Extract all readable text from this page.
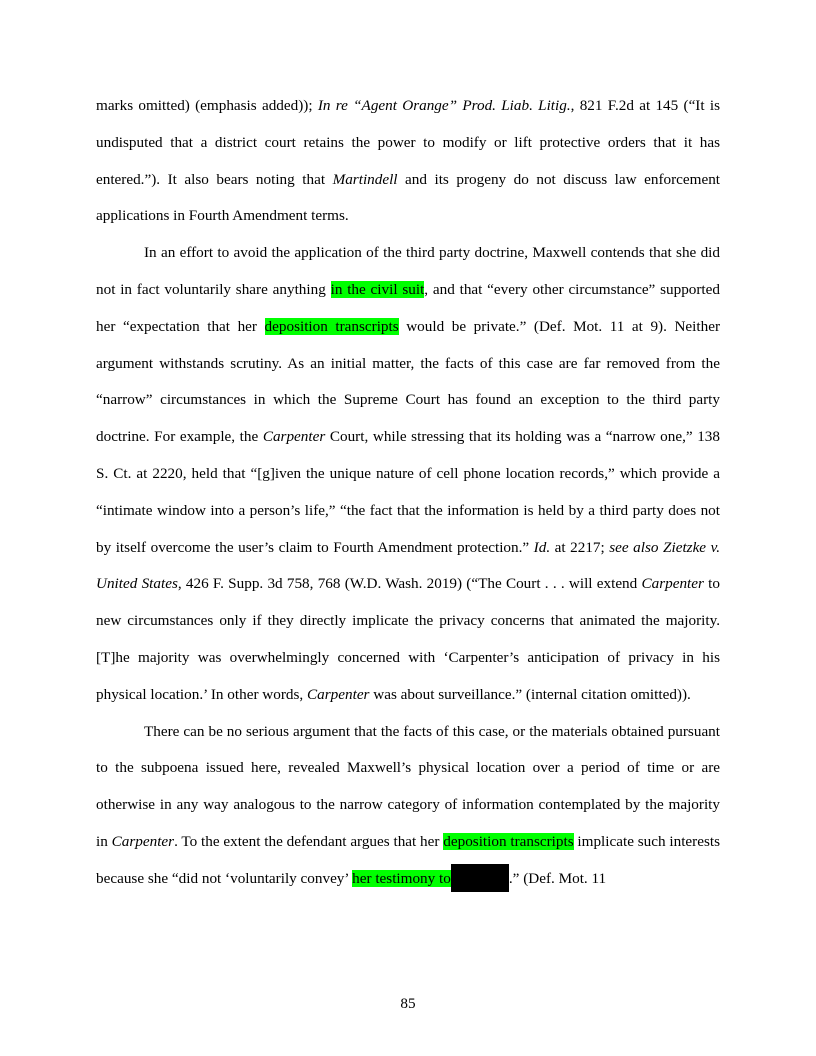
marks omitted) (emphasis added)); In re “Agent Orange” Prod. Liab. Litig., 821 F.2d at 145 (“It is undisputed that a district court retains the power to modify or lift protective orders that it has entered.”). It also bears noting that Martindell and its progeny do not discuss law enforcement applications in Fourth Amendment terms.

In an effort to avoid the application of the third party doctrine, Maxwell contends that she did not in fact voluntarily share anything in the civil suit, and that “every other circumstance” supported her “expectation that her deposition transcripts would be private.” (Def. Mot. 11 at 9). Neither argument withstands scrutiny. As an initial matter, the facts of this case are far removed from the “narrow” circumstances in which the Supreme Court has found an exception to the third party doctrine. For example, the Carpenter Court, while stressing that its holding was a “narrow one,” 138 S. Ct. at 2220, held that “[g]iven the unique nature of cell phone location records,” which provide a “intimate window into a person’s life,” “the fact that the information is held by a third party does not by itself overcome the user’s claim to Fourth Amendment protection.” Id. at 2217; see also Zietzke v. United States, 426 F. Supp. 3d 758, 768 (W.D. Wash. 2019) (“The Court . . . will extend Carpenter to new circumstances only if they directly implicate the privacy concerns that animated the majority. [T]he majority was overwhelmingly concerned with ‘Carpenter’s anticipation of privacy in his physical location.’ In other words, Carpenter was about surveillance.” (internal citation omitted)).

There can be no serious argument that the facts of this case, or the materials obtained pursuant to the subpoena issued here, revealed Maxwell’s physical location over a period of time or are otherwise in any way analogous to the narrow category of information contemplated by the majority in Carpenter. To the extent the defendant argues that her deposition transcripts implicate such interests because she “did not ‘voluntarily convey’ her testimony to	.” (Def. Mot. 11

85
